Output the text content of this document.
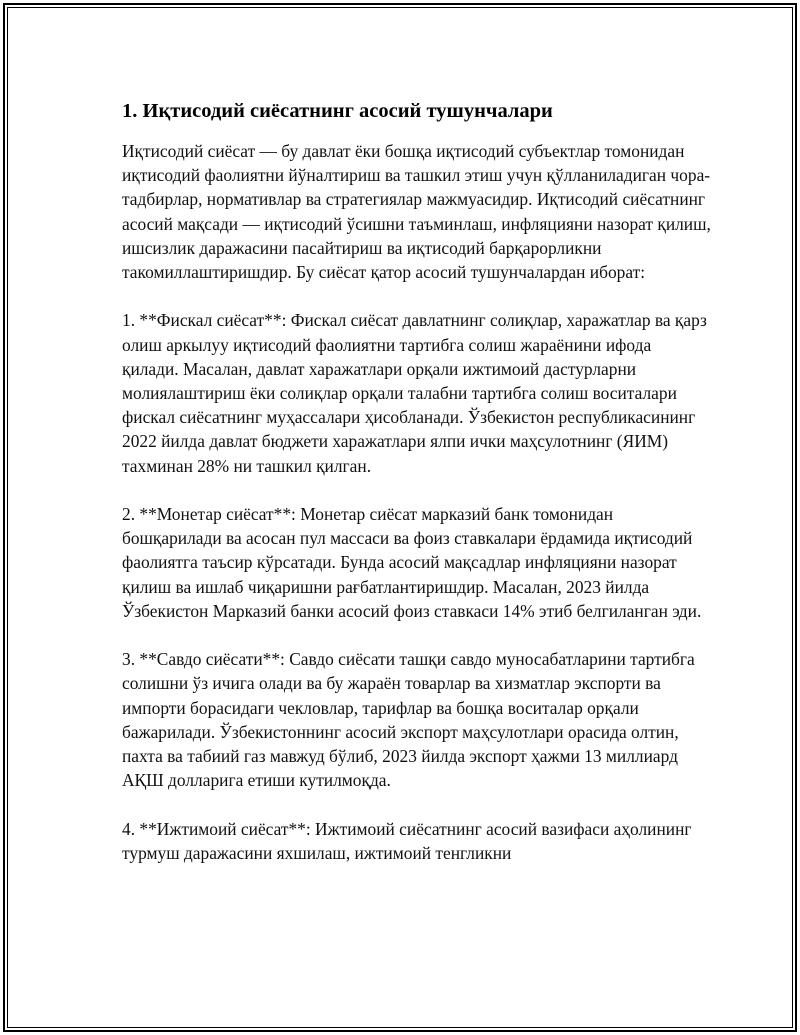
1. Иқтисодий сиёсатнинг асосий тушунчалари

Иқтисодий сиёсат — бу давлат ёки бошқа иқтисодий субъектлар томонидан иқтисодий фаолиятни йўналтириш ва ташкил этиш учун қўлланиладиган чора-тадбирлар, нормативлар ва стратегиялар мажмуасидир. Иқтисодий сиёсатнинг асосий мақсади — иқтисодий ўсишни таъминлаш, инфляцияни назорат қилиш, ишсизлик даражасини пасайтириш ва иқтисодий барқарорликни такомиллаштиришдир. Бу сиёсат қатор асосий тушунчалардан иборат:

1. **Фискал сиёсат**: Фискал сиёсат давлатнинг солиқлар, харажатлар ва қарз олиш аркылуу иқтисодий фаолиятни тартибга солиш жараёнини ифода қилади. Масалан, давлат харажатлари орқали ижтимоий дастурларни молиялаштириш ёки солиқлар орқали талабни тартибга солиш воситалари фискал сиёсатнинг муҳассалари ҳисобланади. Ўзбекистон республикасининг 2022 йилда давлат бюджети харажатлари ялпи ички маҳсулотнинг (ЯИМ) тахминан 28% ни ташкил қилган.

2. **Монетар сиёсат**: Монетар сиёсат марказий банк томонидан бошқарилади ва асосан пул массаси ва фоиз ставкалари ёрдамида иқтисодий фаолиятга таъсир кўрсатади. Бунда асосий мақсадлар инфляцияни назорат қилиш ва ишлаб чиқаришни рағбатлантиришдир. Масалан, 2023 йилда Ўзбекистон Марказий банки асосий фоиз ставкаси 14% этиб белгиланган эди.

3. **Савдо сиёсати**: Савдо сиёсати ташқи савдо муносабатларини тартибга солишни ўз ичига олади ва бу жараён товарлар ва хизматлар экспорти ва импорти борасидаги чекловлар, тарифлар ва бошқа воситалар орқали бажарилади. Ўзбекистоннинг асосий экспорт маҳсулотлари орасида олтин, пахта ва табиий газ мавжуд бўлиб, 2023 йилда экспорт ҳажми 13 миллиард АҚШ долларига етиши кутилмоқда.

4. **Ижтимоий сиёсат**: Ижтимоий сиёсатнинг асосий вазифаси аҳолининг турмуш даражасини яхшилаш, ижтимоий тенгликни
